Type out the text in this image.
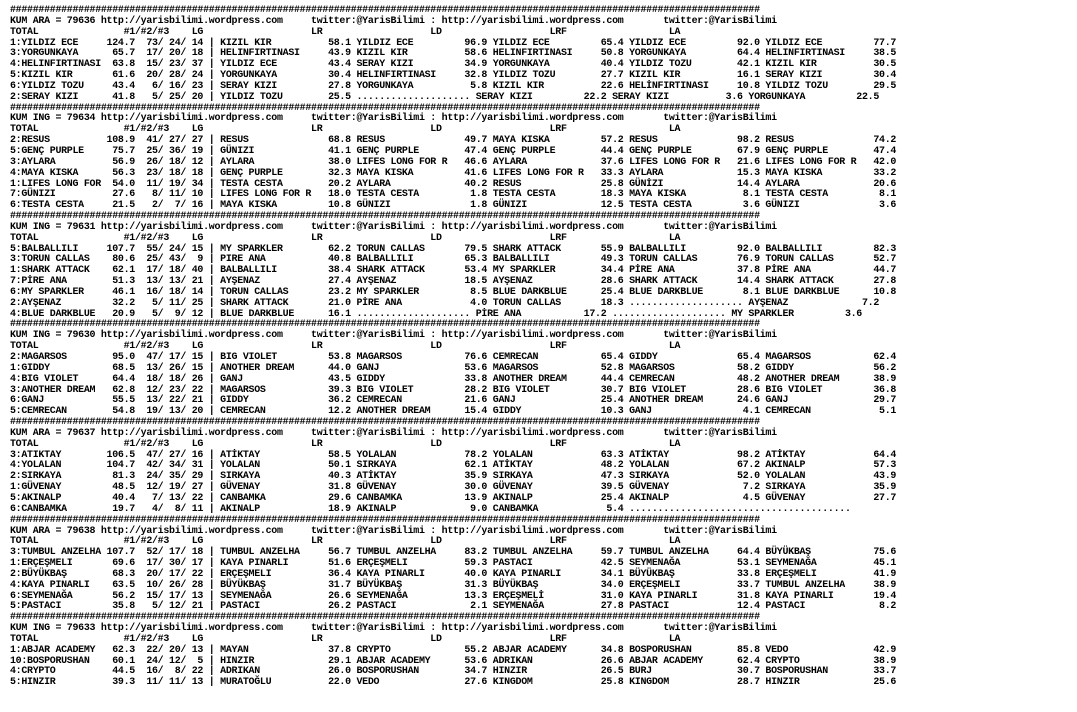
####################################################################################################################################
KUM ARA = 79636 http://yarisbilimi.wordpress.com     twitter:@YarisBilimi : http://yarisbilimi.wordpress.com       twitter:@YarisBilimi
TOTAL               #1/#2/#3    LG                   LR                   LD                   LRF                  LA
1:YILDIZ ECE     124.7  73/ 24/ 14 | KIZIL KIR          58.1 YILDIZ ECE         96.9 YILDIZ ECE         65.4 YILDIZ ECE         92.0 YILDIZ ECE         77.7
3:YORGUNKAYA      65.7  17/ 20/ 18 | HELINFIRTINASI     43.9 KIZIL KIR          58.6 HELINFIRTINASI     50.8 YORGUNKAYA         64.4 HELINFIRTINASI     38.5
4:HELINFIRTINASI  63.8  15/ 23/ 37 | YILDIZ ECE         43.4 SERAY KIZI         34.9 YORGUNKAYA         40.4 YILDIZ TOZU        42.1 KIZIL KIR          30.5
5:KIZIL KIR       61.6  20/ 28/ 24 | YORGUNKAYA         30.4 HELINFIRTINASI     32.8 YILDIZ TOZU        27.7 KIZIL KIR          16.1 SERAY KIZI         30.4
6:YILDIZ TOZU     43.4   6/ 16/ 23 | SERAY KIZI         27.8 YORGUNKAYA          5.8 KIZIL KIR          22.6 HELİNFIRTINASI     10.8 YILDIZ TOZU        29.5
2:SERAY KIZI      41.8   5/ 25/ 20 | YILDIZ TOZU        25.5 .................... SERAY KIZI         22.2 SERAY KIZI          3.6 YORGUNKAYA         22.5
####################################################################################################################################
KUM ING = 79634 http://yarisbilimi.wordpress.com     twitter:@YarisBilimi : http://yarisbilimi.wordpress.com       twitter:@YarisBilimi
TOTAL               #1/#2/#3    LG                   LR                   LD                   LRF                  LA
2:RESUS          108.9  41/ 27/ 27 | RESUS              68.8 RESUS              49.7 MAYA KISKA         57.2 RESUS              98.2 RESUS              74.2
5:GENÇ PURPLE     75.7  25/ 36/ 19 | GÜNIZI             41.1 GENÇ PURPLE        47.4 GENÇ PURPLE        44.4 GENÇ PURPLE        67.9 GENÇ PURPLE        47.4
3:AYLARA          56.9  26/ 18/ 12 | AYLARA             38.0 LIFES LONG FOR R   46.6 AYLARA             37.6 LIFES LONG FOR R   21.6 LIFES LONG FOR R   42.0
4:MAYA KISKA      56.3  23/ 18/ 18 | GENÇ PURPLE        32.3 MAYA KISKA         41.6 LIFES LONG FOR R   33.3 AYLARA             15.3 MAYA KISKA         33.2
1:LIFES LONG FOR  54.0  11/ 19/ 34 | TESTA CESTA        20.2 AYLARA             40.2 RESUS              25.8 GÜNİZI             14.4 AYLARA             20.6
7:GÜNIZI          27.6   8/ 11/ 10 | LIFES LONG FOR R   18.0 TESTA CESTA         1.8 TESTA CESTA        18.3 MAYA KISKA          8.1 TESTA CESTA         8.1
6:TESTA CESTA     21.5   2/  7/ 16 | MAYA KISKA         10.8 GÜNIZI              1.8 GÜNIZI             12.5 TESTA CESTA         3.6 GÜNIZI              3.6
####################################################################################################################################
KUM ING = 79631 http://yarisbilimi.wordpress.com     twitter:@YarisBilimi : http://yarisbilimi.wordpress.com       twitter:@YarisBilimi
TOTAL               #1/#2/#3    LG                   LR                   LD                   LRF                  LA
5:BALBALLILI     107.7  55/ 24/ 15 | MY SPARKLER        62.2 TORUN CALLAS       79.5 SHARK ATTACK       55.9 BALBALLILI         92.0 BALBALLILI         82.3
3:TORUN CALLAS    80.6  25/ 43/  9 | PIRE ANA           40.8 BALBALLILI         65.3 BALBALLILI         49.3 TORUN CALLAS       76.9 TORUN CALLAS       52.7
1:SHARK ATTACK    62.1  17/ 18/ 40 | BALBALLILI         38.4 SHARK ATTACK       53.4 MY SPARKLER        34.4 PİRE ANA           37.8 PİRE ANA           44.7
7:PİRE ANA        51.3  13/ 13/ 21 | AYŞENAZ            27.4 AYŞENAZ            18.5 AYŞENAZ            28.6 SHARK ATTACK       14.4 SHARK ATTACK       27.8
6:MY SPARKLER     46.1  16/ 18/ 14 | TORUN CALLAS       23.2 MY SPARKLER         8.5 BLUE DARKBLUE      25.4 BLUE DARKBLUE       8.1 BLUE DARKBLUE      10.8
2:AYŞENAZ         32.2   5/ 11/ 25 | SHARK ATTACK       21.0 PİRE ANA            4.0 TORUN CALLAS       18.3 .................... AYŞENAZ             7.2
4:BLUE DARKBLUE   20.9   5/  9/ 12 | BLUE DARKBLUE      16.1 .................... PİRE ANA           17.2 .................... MY SPARKLER         3.6
####################################################################################################################################
KUM ING = 79630 http://yarisbilimi.wordpress.com     twitter:@YarisBilimi : http://yarisbilimi.wordpress.com       twitter:@YarisBilimi
TOTAL               #1/#2/#3    LG                   LR                   LD                   LRF                  LA
2:MAGARSOS        95.0  47/ 17/ 15 | BIG VIOLET         53.8 MAGARSOS           76.6 CEMRECAN           65.4 GIDDY              65.4 MAGARSOS           62.4
1:GIDDY           68.5  13/ 26/ 15 | ANOTHER DREAM      44.0 GANJ               53.6 MAGARSOS           52.8 MAGARSOS           58.2 GIDDY              56.2
4:BIG VIOLET      64.4  18/ 18/ 26 | GANJ               43.5 GIDDY              33.8 ANOTHER DREAM      44.4 CEMRECAN           48.2 ANOTHER DREAM      38.9
3:ANOTHER DREAM   62.8  12/ 23/ 22 | MAGARSOS           39.3 BIG VIOLET         28.2 BIG VIOLET         30.7 BIG VIOLET         28.6 BIG VIOLET         36.8
6:GANJ            55.5  13/ 22/ 21 | GIDDY              36.2 CEMRECAN           21.6 GANJ               25.4 ANOTHER DREAM      24.6 GANJ               29.7
5:CEMRECAN        54.8  19/ 13/ 20 | CEMRECAN           12.2 ANOTHER DREAM      15.4 GIDDY              10.3 GANJ                4.1 CEMRECAN            5.1
####################################################################################################################################
KUM ARA = 79637 http://yarisbilimi.wordpress.com     twitter:@YarisBilimi : http://yarisbilimi.wordpress.com       twitter:@YarisBilimi
TOTAL               #1/#2/#3    LG                   LR                   LD                   LRF                  LA
3:ATIKTAY        106.5  47/ 27/ 16 | ATİKTAY            58.5 YOLALAN            78.2 YOLALAN            63.3 ATİKTAY            98.2 ATİKTAY            64.4
4:YOLALAN        104.7  42/ 34/ 31 | YOLALAN            50.1 SIRKAYA            62.1 ATİKTAY            48.2 YOLALAN            67.2 AKINALP            57.3
2:SIRKAYA         81.3  24/ 35/ 29 | SIRKAYA            40.3 ATİKTAY            35.9 SIRKAYA            47.3 SIRKAYA            52.0 YOLALAN            43.9
1:GÜVENAY         48.5  12/ 19/ 27 | GÜVENAY            31.8 GÜVENAY            30.0 GÜVENAY            39.5 GÜVENAY             7.2 SIRKAYA            35.9
5:AKINALP         40.4   7/ 13/ 22 | CANBAMKA           29.6 CANBAMKA           13.9 AKINALP            25.4 AKINALP             4.5 GÜVENAY            27.7
6:CANBAMKA        19.7   4/  8/ 11 | AKINALP            18.9 AKINALP             9.0 CANBAMKA            5.4 .......................................
####################################################################################################################################
KUM ARA = 79638 http://yarisbilimi.wordpress.com     twitter:@YarisBilimi : http://yarisbilimi.wordpress.com       twitter:@YarisBilimi
TOTAL               #1/#2/#3    LG                   LR                   LD                   LRF                  LA
3:TUMBUL ANZELHA 107.7  52/ 17/ 18 | TUMBUL ANZELHA     56.7 TUMBUL ANZELHA     83.2 TUMBUL ANZELHA     59.7 TUMBUL ANZELHA     64.4 BÜYÜKBAŞ           75.6
1:ERÇEŞMELI       69.6  17/ 30/ 17 | KAYA PINARLI       51.6 ERÇEŞMELI          59.3 PASTACI            42.5 SEYMENAĞA          53.1 SEYMENAĞA          45.1
2:BÜYÜKBAŞ        68.3  20/ 17/ 22 | ERÇEŞMELI          36.4 KAYA PINARLI       40.0 KAYA PINARLI       34.1 BÜYÜKBAŞ           33.8 ERÇEŞMELI          41.9
4:KAYA PINARLI    63.5  10/ 26/ 28 | BÜYÜKBAŞ           31.7 BÜYÜKBAŞ           31.3 BÜYÜKBAŞ           34.0 ERÇEŞMELI          33.7 TUMBUL ANZELHA     38.9
6:SEYMENAĞA       56.2  15/ 17/ 13 | SEYMENAĞA          26.6 SEYMENAĞA          13.3 ERÇEŞMELİ          31.0 KAYA PINARLI       31.8 KAYA PINARLI       19.4
5:PASTACI         35.8   5/ 12/ 21 | PASTACI            26.2 PASTACI             2.1 SEYMENAĞA          27.8 PASTACI            12.4 PASTACI             8.2
####################################################################################################################################
KUM ING = 79633 http://yarisbilimi.wordpress.com     twitter:@YarisBilimi : http://yarisbilimi.wordpress.com       twitter:@YarisBilimi
TOTAL               #1/#2/#3    LG                   LR                   LD                   LRF                  LA
1:ABJAR ACADEMY   62.3  22/ 20/ 13 | MAYAN              37.8 CRYPTO             55.2 ABJAR ACADEMY      34.8 BOSPORUSHAN        85.8 VEDO               42.9
10:BOSPORUSHAN    60.1  24/ 12/  5 | HINZIR             29.1 ABJAR ACADEMY      53.6 ADRIKAN            26.6 ABJAR ACADEMY      62.4 CRYPTO             38.9
4:CRYPTO          44.5  16/  8/ 22 | ADRIKAN            26.0 BOSPORUSHAN        34.7 HINZIR             26.5 BURJ               30.7 BOSPORUSHAN        33.7
5:HINZIR          39.3  11/ 11/ 13 | MURATOĞLU          22.0 VEDO               27.6 KINGDOM            25.8 KINGDOM            28.7 HINZIR             25.6
